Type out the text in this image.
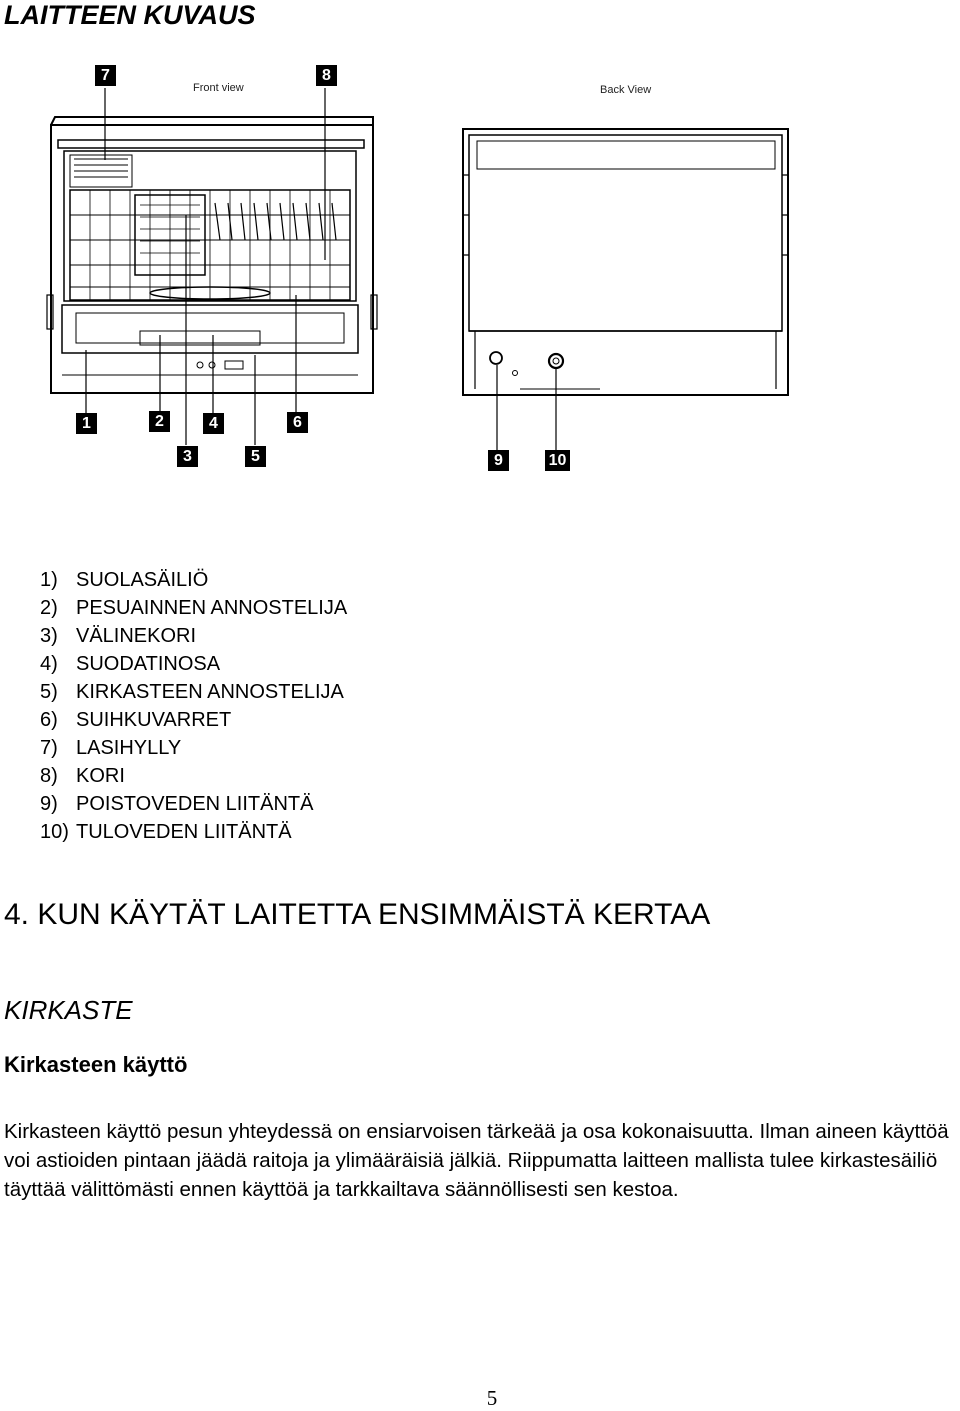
LAITTEEN KUVAUS
Front view	Back View
7	8
1	2	4	6
3	5	9	10
1) SUOLASÄILIÖ
2) PESUAINNEN ANNOSTELIJA
3) VÄLINEKORI
4) SUODATINOSA
5) KIRKASTEEN ANNOSTELIJA
6) SUIHKUVARRET
7) LASIHYLLY
8) KORI
9) POISTOVEDEN LIITÄNTÄ
10) TULOVEDEN LIITÄNTÄ
4. KUN KÄYTÄT LAITETTA ENSIMMÄISTÄ KERTAA
KIRKASTE
Kirkasteen käyttö
Kirkasteen käyttö pesun yhteydessä on ensiarvoisen tärkeää ja osa kokonaisuutta. Ilman aineen käyttöä voi astioiden pintaan jäädä raitoja ja ylimääräisiä jälkiä. Riippumatta laitteen mallista tulee kirkastesäiliö täyttää välittömästi ennen käyttöä ja tarkkailtava säännöllisesti sen kestoa.
5
